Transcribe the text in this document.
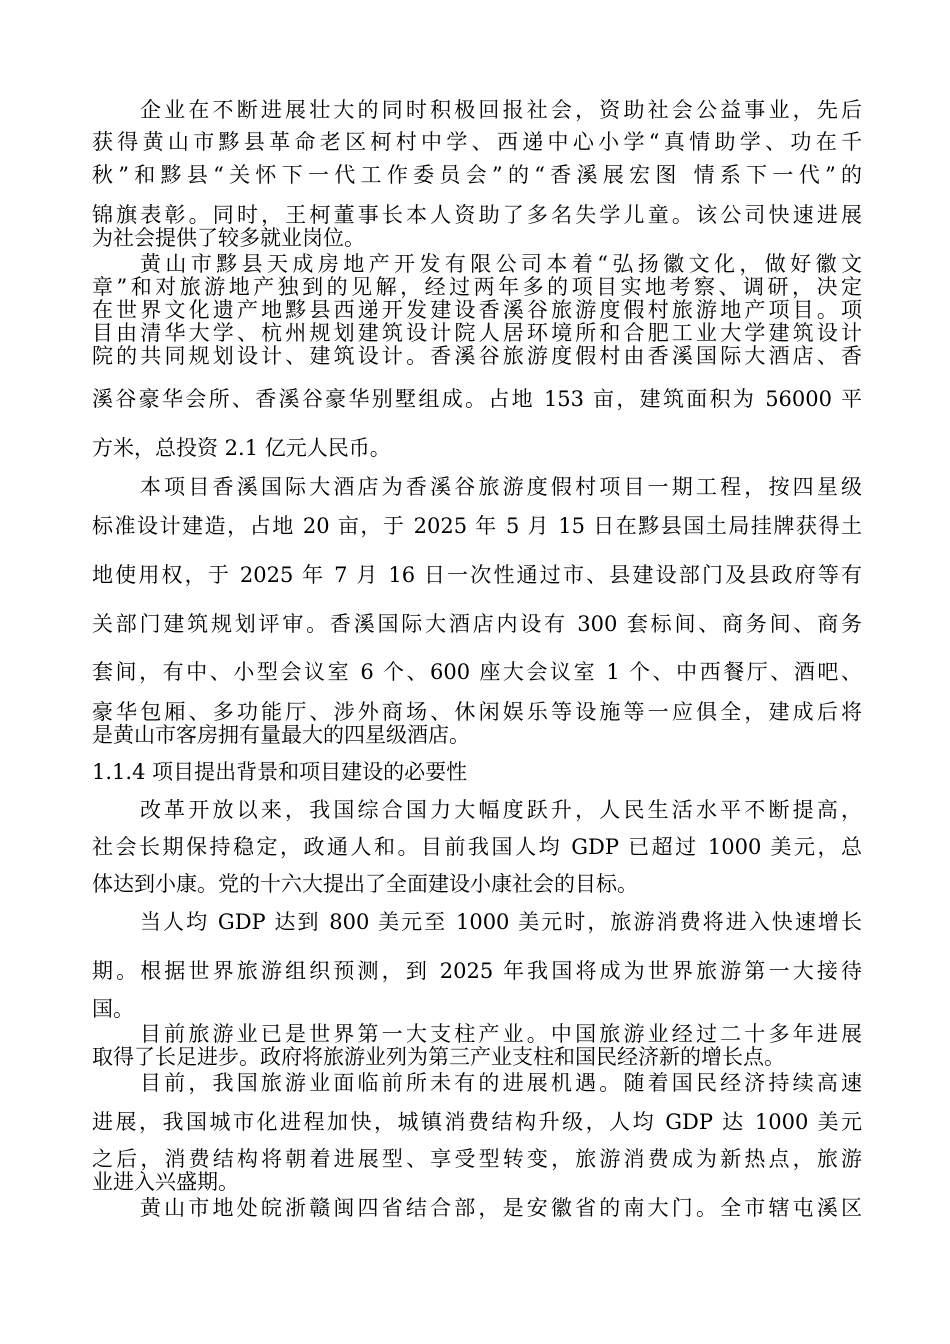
企业在不断进展壮大的同时积极回报社会，资助社会公益事业，先后
获得黄山市黟县革命老区柯村中学、西递中心小学“真情助学、功在千
秋”和黟县“关怀下一代工作委员会”的“香溪展宏图 情系下一代”的
锦旗表彰。同时，王柯董事长本人资助了多名失学儿童。该公司快速进展
为社会提供了较多就业岗位。
黄山市黟县天成房地产开发有限公司本着“弘扬徽文化，做好徽文
章”和对旅游地产独到的见解，经过两年多的项目实地考察、调研，决定
在世界文化遗产地黟县西递开发建设香溪谷旅游度假村旅游地产项目。项
目由清华大学、杭州规划建筑设计院人居环境所和合肥工业大学建筑设计
院的共同规划设计、建筑设计。香溪谷旅游度假村由香溪国际大酒店、香
溪谷豪华会所、香溪谷豪华别墅组成。占地 153 亩，建筑面积为 56000 平
方米，总投资 2.1 亿元人民币。
本项目香溪国际大酒店为香溪谷旅游度假村项目一期工程，按四星级
标准设计建造，占地 20 亩，于 2025 年 5 月 15 日在黟县国土局挂牌获得土
地使用权，于 2025 年 7 月 16 日一次性通过市、县建设部门及县政府等有
关部门建筑规划评审。香溪国际大酒店内设有 300 套标间、商务间、商务
套间，有中、小型会议室 6 个、600 座大会议室 1 个、中西餐厅、酒吧、
豪华包厢、多功能厅、涉外商场、休闲娱乐等设施等一应俱全，建成后将
是黄山市客房拥有量最大的四星级酒店。
1.1.4 项目提出背景和项目建设的必要性
改革开放以来，我国综合国力大幅度跃升，人民生活水平不断提高，
社会长期保持稳定，政通人和。目前我国人均 GDP 已超过 1000 美元，总
体达到小康。党的十六大提出了全面建设小康社会的目标。
当人均 GDP 达到 800 美元至 1000 美元时，旅游消费将进入快速增长
期。根据世界旅游组织预测，到 2025 年我国将成为世界旅游第一大接待
国。
目前旅游业已是世界第一大支柱产业。中国旅游业经过二十多年进展
取得了长足进步。政府将旅游业列为第三产业支柱和国民经济新的增长点。
目前，我国旅游业面临前所未有的进展机遇。随着国民经济持续高速
进展，我国城市化进程加快，城镇消费结构升级，人均 GDP 达 1000 美元
之后，消费结构将朝着进展型、享受型转变，旅游消费成为新热点，旅游
业进入兴盛期。
黄山市地处皖浙赣闽四省结合部，是安徽省的南大门。全市辖屯溪区
